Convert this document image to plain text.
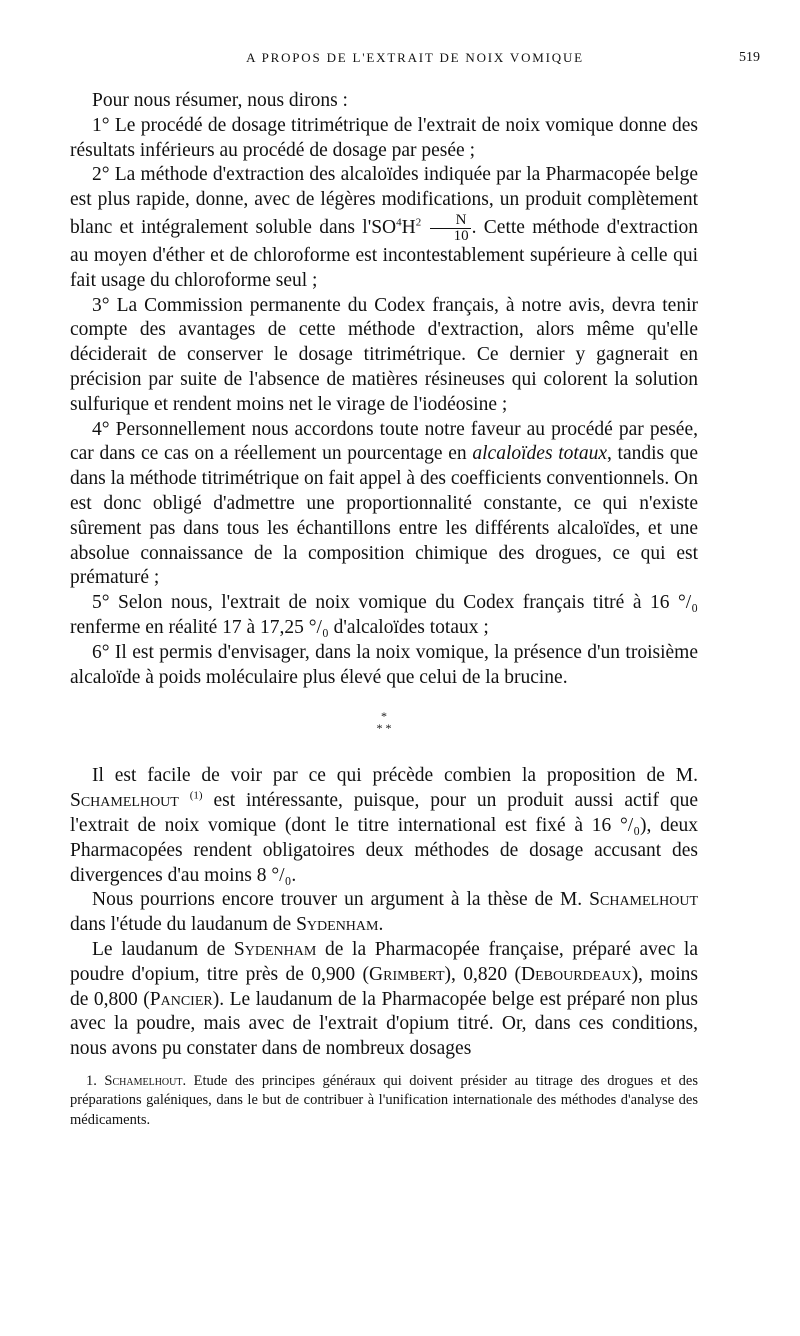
A PROPOS DE L'EXTRAIT DE NOIX VOMIQUE	519

Pour nous résumer, nous dirons :

1° Le procédé de dosage titrimétrique de l'extrait de noix vomique donne des résultats inférieurs au procédé de dosage par pesée ;

2° La méthode d'extraction des alcaloïdes indiquée par la Pharmacopée belge est plus rapide, donne, avec de légères modifications, un produit complètement blanc et intégralement soluble dans $l'SO^4H^2 \frac{N}{10}$ . Cette méthode d'extraction au moyen d'éther et de chloroforme est incontestablement supérieure à celle qui fait usage du chloroforme seul ;

3° La Commission permanente du Codex français, à notre avis, devra tenir compte des avantages de cette méthode d'extraction, alors même qu'elle déciderait de conserver le dosage titrimétrique. Ce dernier y gagnerait en précision par suite de l'absence de matières résineuses qui colorent la solution sulfurique et rendent moins net le virage de l'iodéosine ;

4° Personnellement nous accordons toute notre faveur au procédé par pesée, car dans ce cas on a réellement un pourcentage en alcaloïdes totaux, tandis que dans la méthode titrimétrique on fait appel à des coefficients conventionnels. On est donc obligé d'admettre une proportionnalité constante, ce qui n'existe sûrement pas dans tous les échantillons entre les différents alcaloïdes, et une absolue connaissance de la composition chimique des drogues, ce qui est prématuré ;

5° Selon nous, l'extrait de noix vomique du Codex français titré à 16 °/₀ renferme en réalité 17 à 17,25 °/₀ d'alcaloïdes totaux ;

6° Il est permis d'envisager, dans la noix vomique, la présence d'un troisième alcaloïde à poids moléculaire plus élevé que celui de la brucine.

*
* *

Il est facile de voir par ce qui précède combien la proposition de M. Schamelhout $^{(1)}$ est intéressante, puisque, pour un produit aussi actif que l'extrait de noix vomique (dont le titre international est fixé à 16 °/₀), deux Pharmacopées rendent obligatoires deux méthodes de dosage accusant des divergences d'au moins 8 °/₀.

Nous pourrions encore trouver un argument à la thèse de M. Schamelhout dans l'étude du laudanum de Sydenham.

Le laudanum de Sydenham de la Pharmacopée française, préparé avec la poudre d'opium, titre près de 0,900 (Grimbert), 0,820 (Debourdeaux), moins de 0,800 (Pancier). Le laudanum de la Pharmacopée belge est préparé non plus avec la poudre, mais avec de l'extrait d'opium titré. Or, dans ces conditions, nous avons pu constater dans de nombreux dosages

1. Schamelhout. Etude des principes généraux qui doivent présider au titrage des drogues et des préparations galéniques, dans le but de contribuer à l'unification internationale des méthodes d'analyse des médicaments.
